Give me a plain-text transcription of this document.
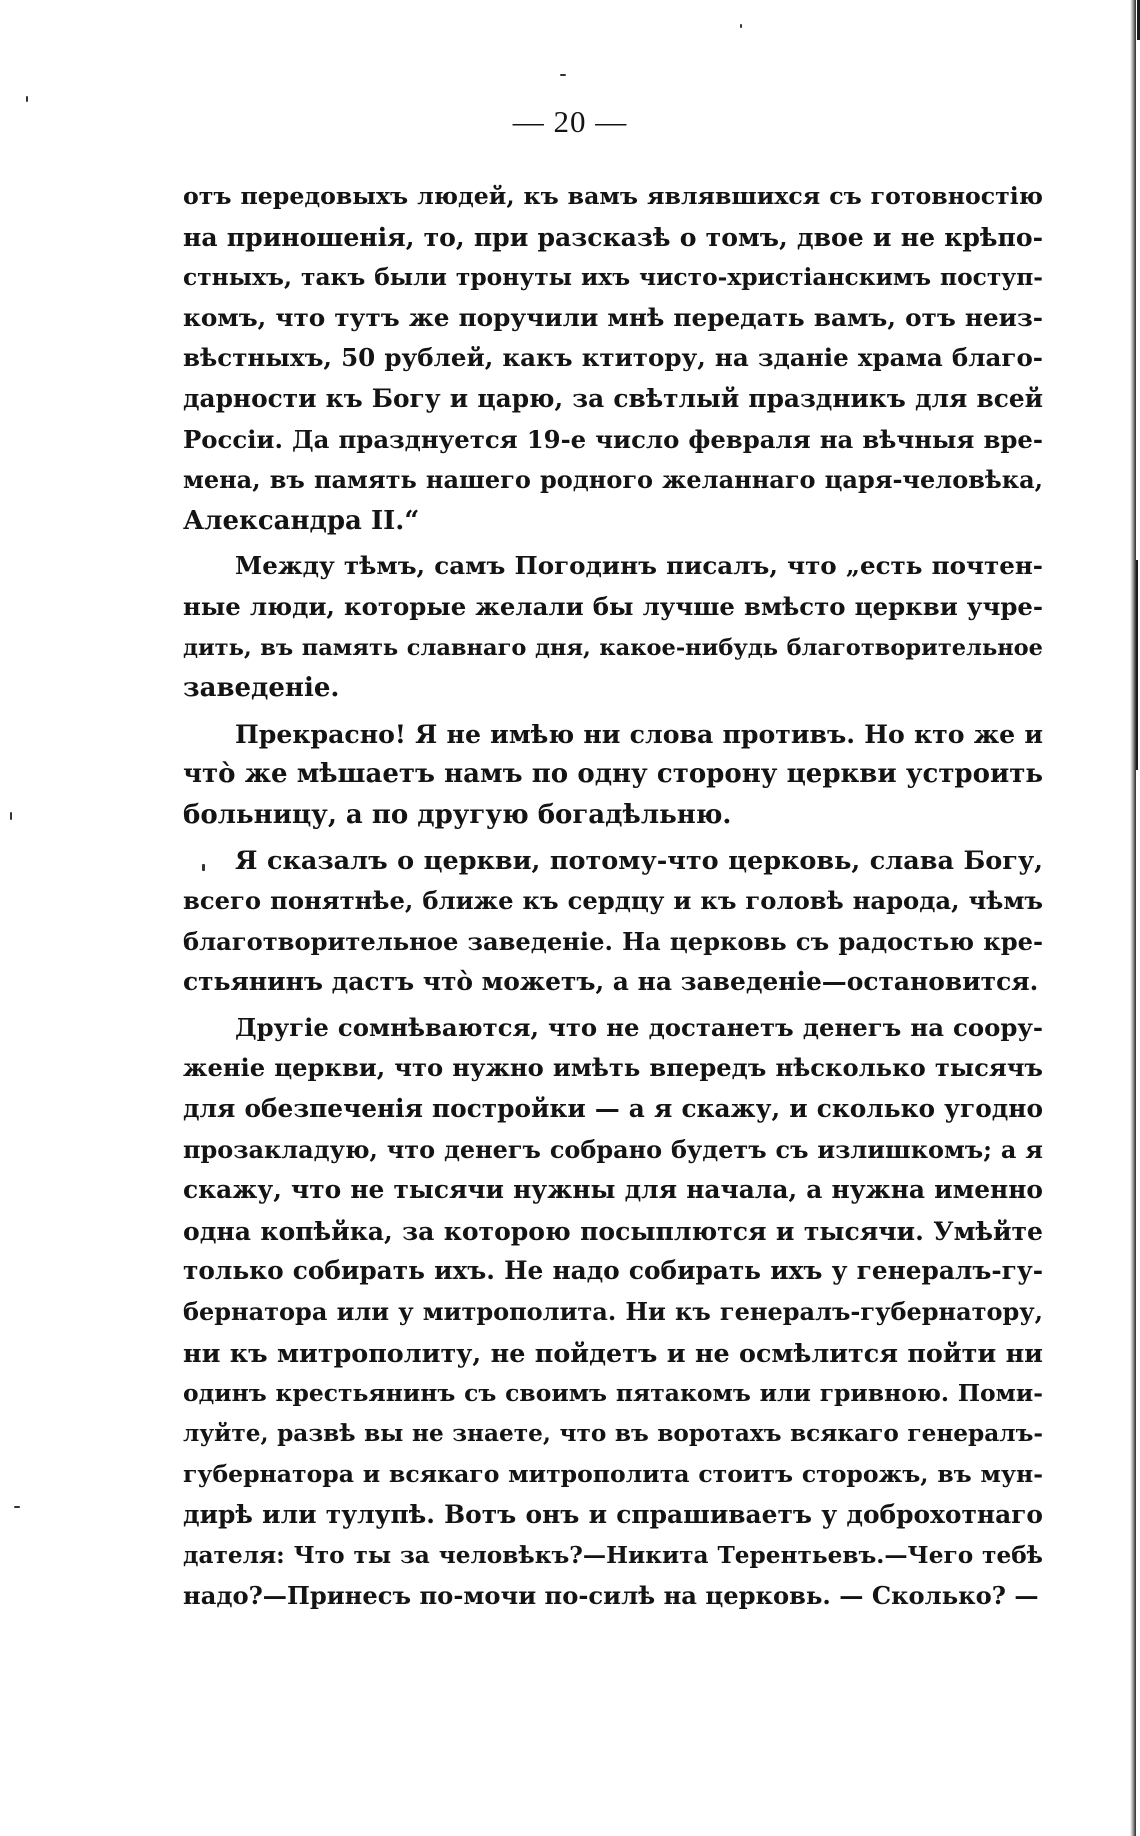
— 20 —
отъ передовыхъ людей, къ вамъ являвшихся съ готовностію
на приношенія, то, при разсказѣ о томъ, двое и не крѣпо-
стныхъ, такъ были тронуты ихъ чисто-христіанскимъ поступ-
комъ, что тутъ же поручили мнѣ передать вамъ, отъ неиз-
вѣстныхъ, 50 рублей, какъ ктитору, на зданіе храма благо-
дарности къ Богу и царю, за свѣтлый праздникъ для всей
Россіи. Да празднуется 19-е число февраля на вѣчныя вре-
мена, въ память нашего родного желаннаго царя-человѣка,
Александра II.“
Между тѣмъ, самъ Погодинъ писалъ, что „есть почтен-
ные люди, которые желали бы лучше вмѣсто церкви учре-
дить, въ память славнаго дня, какое-нибудь благотворительное
заведеніе.
Прекрасно! Я не имѣю ни слова противъ. Но кто же и
что̀ же мѣшаетъ намъ по одну сторону церкви устроить
больницу, а по другую богадѣльню.
Я сказалъ о церкви, потому-что церковь, слава Богу,
всего понятнѣе, ближе къ сердцу и къ головѣ народа, чѣмъ
благотворительное заведеніе. На церковь съ радостью кре-
стьянинъ дастъ что̀ можетъ, а на заведеніе—остановится.
Другіе сомнѣваются, что не достанетъ денегъ на соору-
женіе церкви, что нужно имѣть впередъ нѣсколько тысячъ
для обезпеченія постройки — а я скажу, и сколько угодно
прозакладую, что денегъ собрано будетъ съ излишкомъ; а я
скажу, что не тысячи нужны для начала, а нужна именно
одна копѣйка, за которою посыплются и тысячи. Умѣйте
только собирать ихъ. Не надо собирать ихъ у генералъ-гу-
бернатора или у митрополита. Ни къ генералъ-губернатору,
ни къ митрополиту, не пойдетъ и не осмѣлится пойти ни
одинъ крестьянинъ съ своимъ пятакомъ или гривною. Поми-
луйте, развѣ вы не знаете, что въ воротахъ всякаго генералъ-
губернатора и всякаго митрополита стоитъ сторожъ, въ мун-
дирѣ или тулупѣ. Вотъ онъ и спрашиваетъ у доброхотнаго
дателя: Что ты за человѣкъ?—Никита Терентьевъ.—Чего тебѣ
надо?—Принесъ по-мочи по-силѣ на церковь. — Сколько? —
